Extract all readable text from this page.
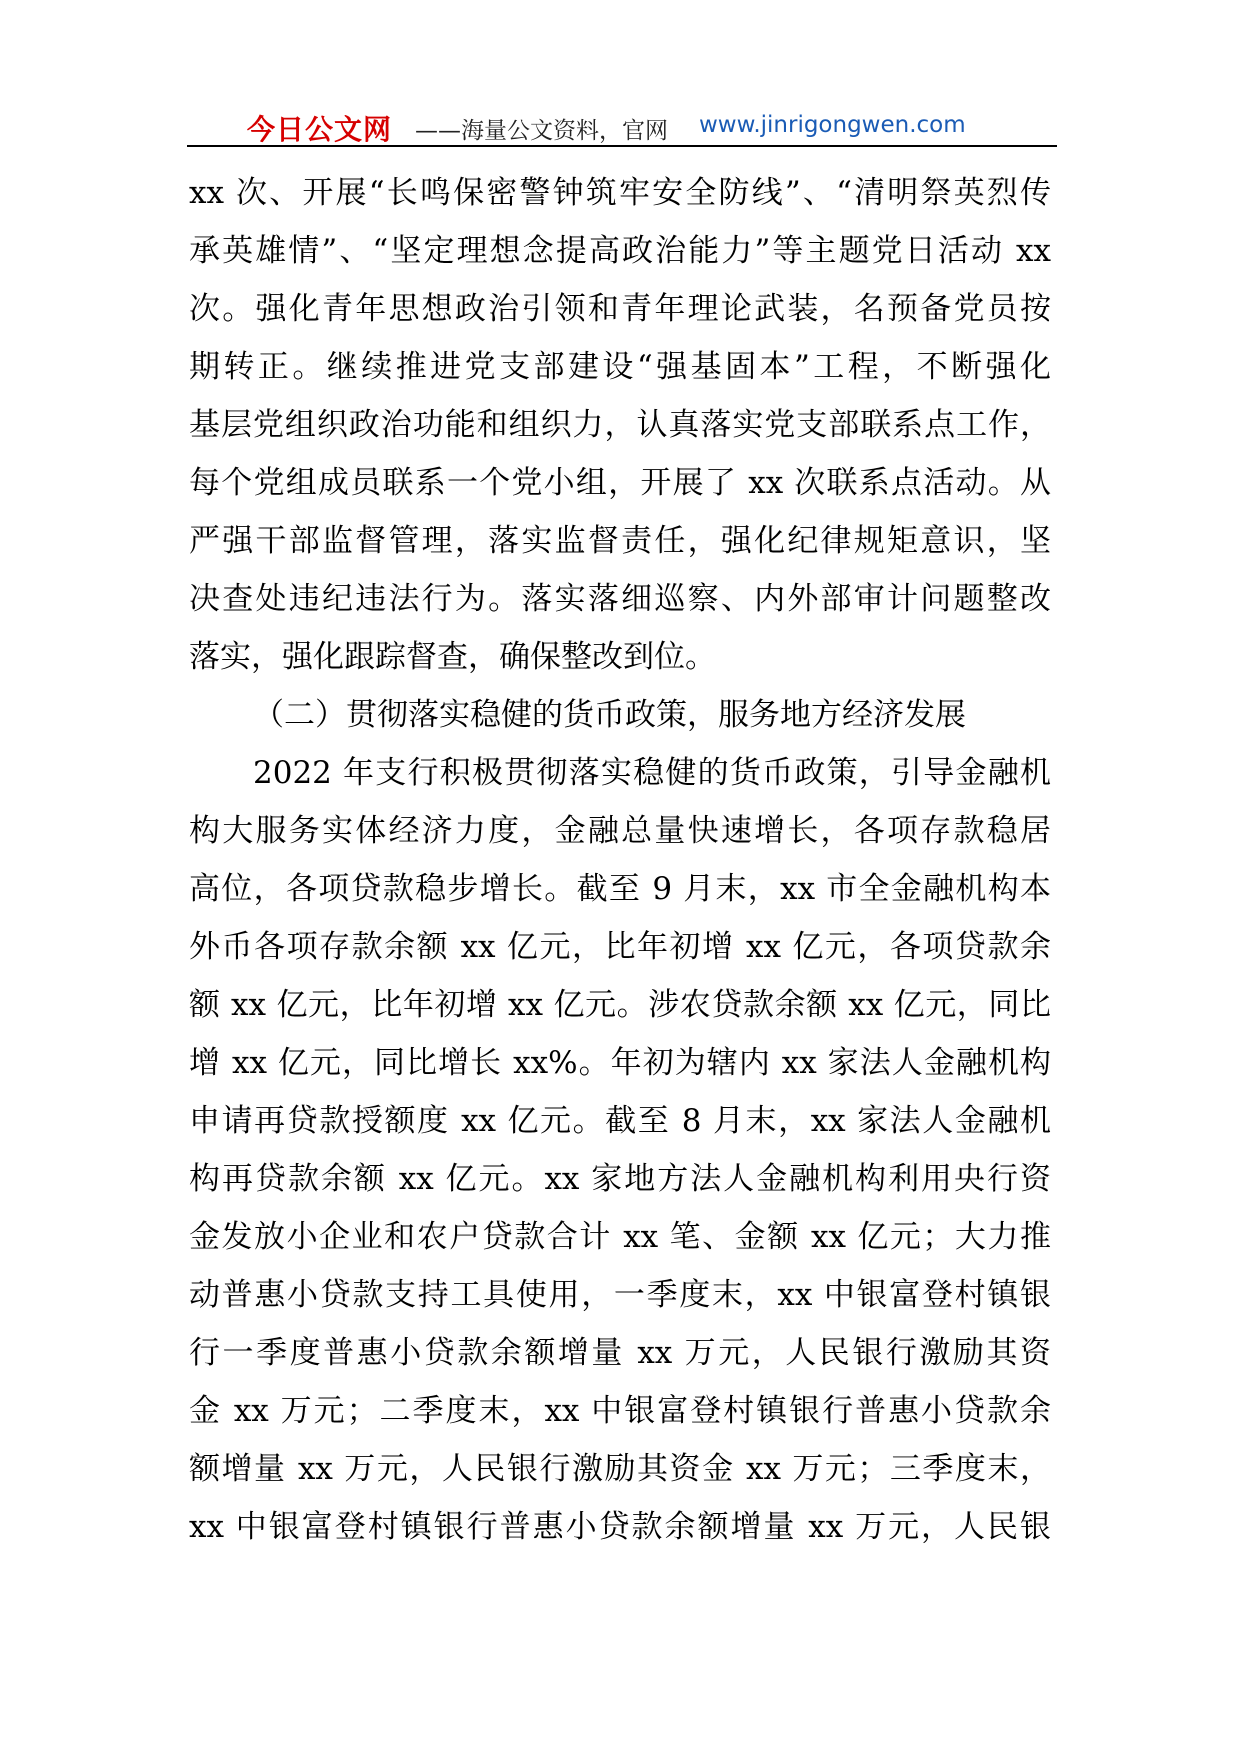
今日公文网 ——海量公文资料，官网 www.jinrigongwen.com
xx 次、开展“长鸣保密警钟筑牢安全防线”、“清明祭英烈传
承英雄情”、“坚定理想念提高政治能力”等主题党日活动 xx
次。强化青年思想政治引领和青年理论武装，名预备党员按
期转正。继续推进党支部建设“强基固本”工程，不断强化
基层党组织政治功能和组织力，认真落实党支部联系点工作，
每个党组成员联系一个党小组，开展了 xx 次联系点活动。从
严强干部监督管理，落实监督责任，强化纪律规矩意识，坚
决查处违纪违法行为。落实落细巡察、内外部审计问题整改
落实，强化跟踪督查，确保整改到位。
（二）贯彻落实稳健的货币政策，服务地方经济发展
2022 年支行积极贯彻落实稳健的货币政策，引导金融机
构大服务实体经济力度，金融总量快速增长，各项存款稳居
高位，各项贷款稳步增长。截至 9 月末，xx 市全金融机构本
外币各项存款余额 xx 亿元，比年初增 xx 亿元，各项贷款余
额 xx 亿元，比年初增 xx 亿元。涉农贷款余额 xx 亿元，同比
增 xx 亿元，同比增长 xx%。年初为辖内 xx 家法人金融机构
申请再贷款授额度 xx 亿元。截至 8 月末，xx 家法人金融机
构再贷款余额 xx 亿元。xx 家地方法人金融机构利用央行资
金发放小企业和农户贷款合计 xx 笔、金额 xx 亿元；大力推
动普惠小贷款支持工具使用，一季度末，xx 中银富登村镇银
行一季度普惠小贷款余额增量 xx 万元，人民银行激励其资
金 xx 万元；二季度末，xx 中银富登村镇银行普惠小贷款余
额增量 xx 万元，人民银行激励其资金 xx 万元；三季度末，
xx 中银富登村镇银行普惠小贷款余额增量 xx 万元，人民银
